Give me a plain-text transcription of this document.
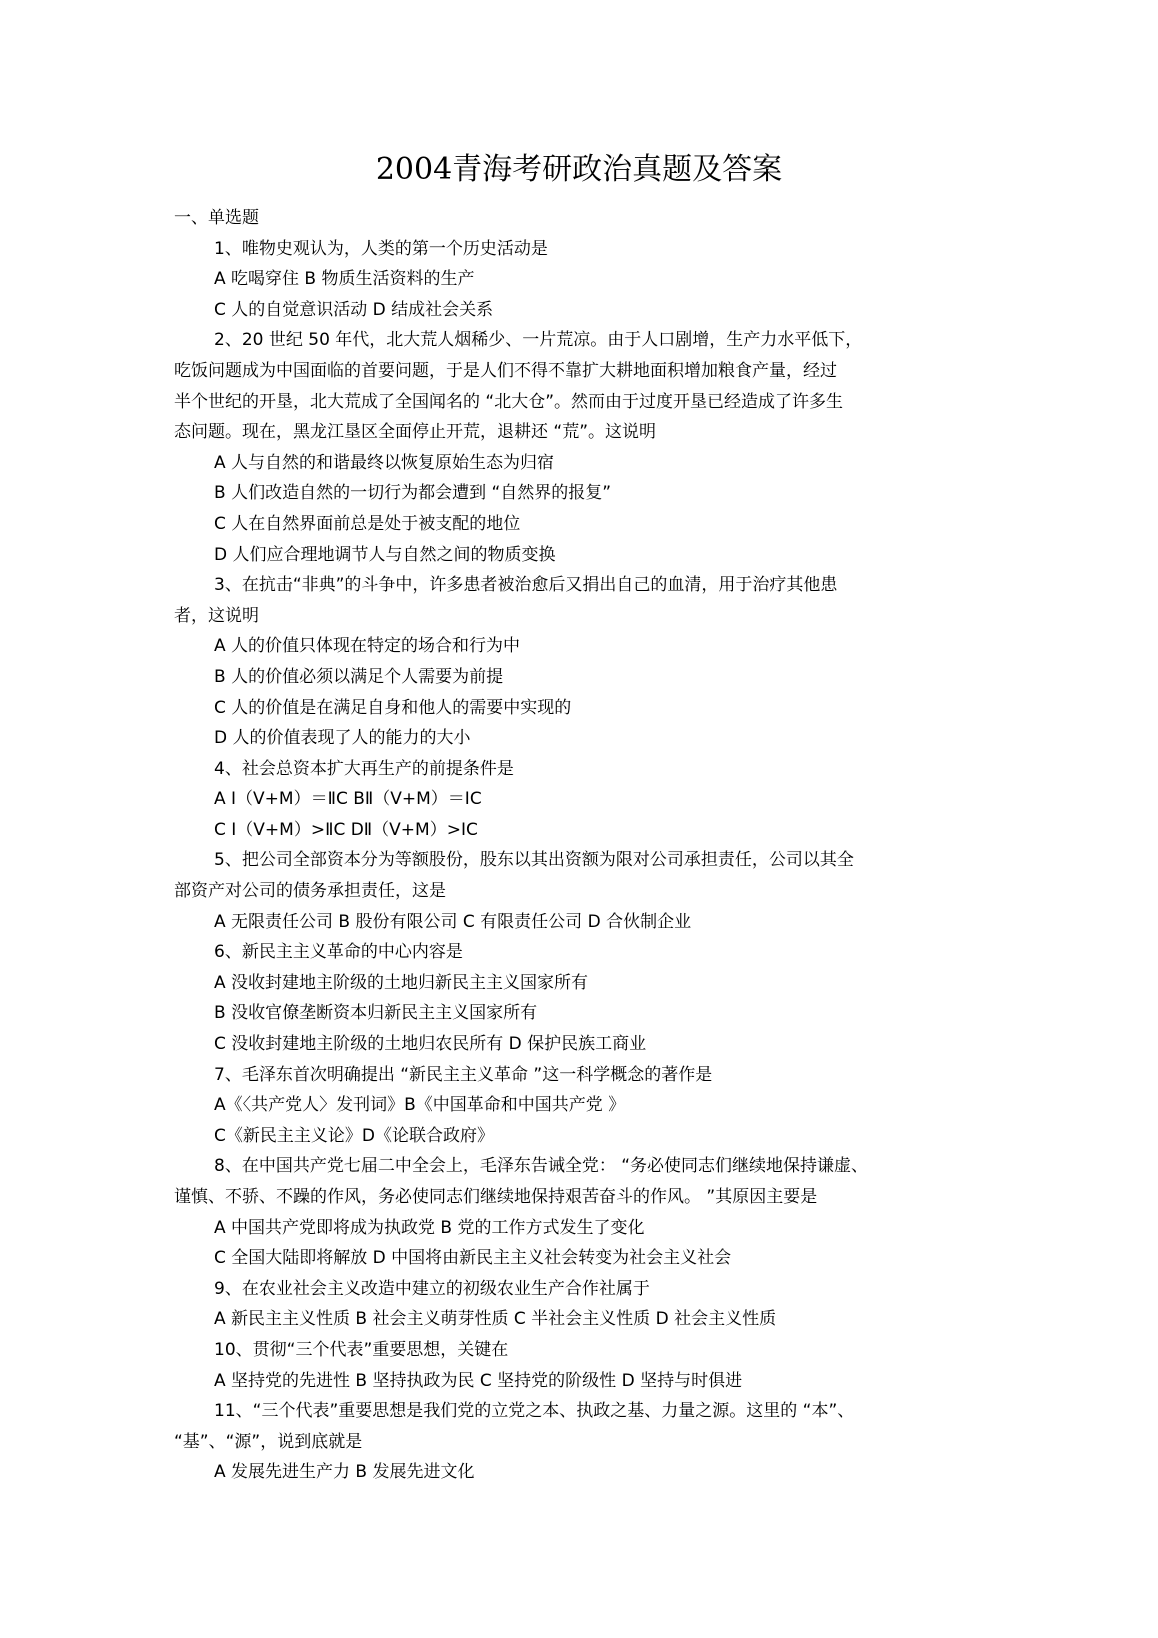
2004青海考研政治真题及答案
一、单选题
1、唯物史观认为，人类的第一个历史活动是
A 吃喝穿住 B 物质生活资料的生产
C 人的自觉意识活动 D 结成社会关系
2、20 世纪 50 年代，北大荒人烟稀少、一片荒凉。由于人口剧增，生产力水平低下，
吃饭问题成为中国面临的首要问题，于是人们不得不靠扩大耕地面积增加粮食产量，经过
半个世纪的开垦，北大荒成了全国闻名的 “北大仓”。然而由于过度开垦已经造成了许多生
态问题。现在，黑龙江垦区全面停止开荒，退耕还 “荒”。这说明
A 人与自然的和谐最终以恢复原始生态为归宿
B 人们改造自然的一切行为都会遭到 “自然界的报复”
C 人在自然界面前总是处于被支配的地位
D 人们应合理地调节人与自然之间的物质变换
3、在抗击“非典”的斗争中，许多患者被治愈后又捐出自己的血清，用于治疗其他患
者，这说明
A 人的价值只体现在特定的场合和行为中
B 人的价值必须以满足个人需要为前提
C 人的价值是在满足自身和他人的需要中实现的
D 人的价值表现了人的能力的大小
4、社会总资本扩大再生产的前提条件是
A Ⅰ（V+M）＝ⅡC BⅡ（V+M）＝ⅠC
C Ⅰ（V+M）>ⅡC DⅡ（V+M）>ⅠC
5、把公司全部资本分为等额股份，股东以其出资额为限对公司承担责任，公司以其全
部资产对公司的债务承担责任，这是
A 无限责任公司 B 股份有限公司 C 有限责任公司 D 合伙制企业
6、新民主主义革命的中心内容是
A 没收封建地主阶级的土地归新民主主义国家所有
B 没收官僚垄断资本归新民主主义国家所有
C 没收封建地主阶级的土地归农民所有 D 保护民族工商业
7、毛泽东首次明确提出 “新民主主义革命 ”这一科学概念的著作是
A《〈共产党人〉发刊词》B《中国革命和中国共产党 》
C《新民主主义论》D《论联合政府》
8、在中国共产党七届二中全会上，毛泽东告诫全党： “务必使同志们继续地保持谦虚、
谨慎、不骄、不躁的作风，务必使同志们继续地保持艰苦奋斗的作风。 ”其原因主要是
A 中国共产党即将成为执政党 B 党的工作方式发生了变化
C 全国大陆即将解放 D 中国将由新民主主义社会转变为社会主义社会
9、在农业社会主义改造中建立的初级农业生产合作社属于
A 新民主主义性质 B 社会主义萌芽性质 C 半社会主义性质 D 社会主义性质
10、贯彻“三个代表”重要思想，关键在
A 坚持党的先进性 B 坚持执政为民 C 坚持党的阶级性 D 坚持与时俱进
11、“三个代表”重要思想是我们党的立党之本、执政之基、力量之源。这里的 “本”、
“基”、“源”，说到底就是
A 发展先进生产力 B 发展先进文化
